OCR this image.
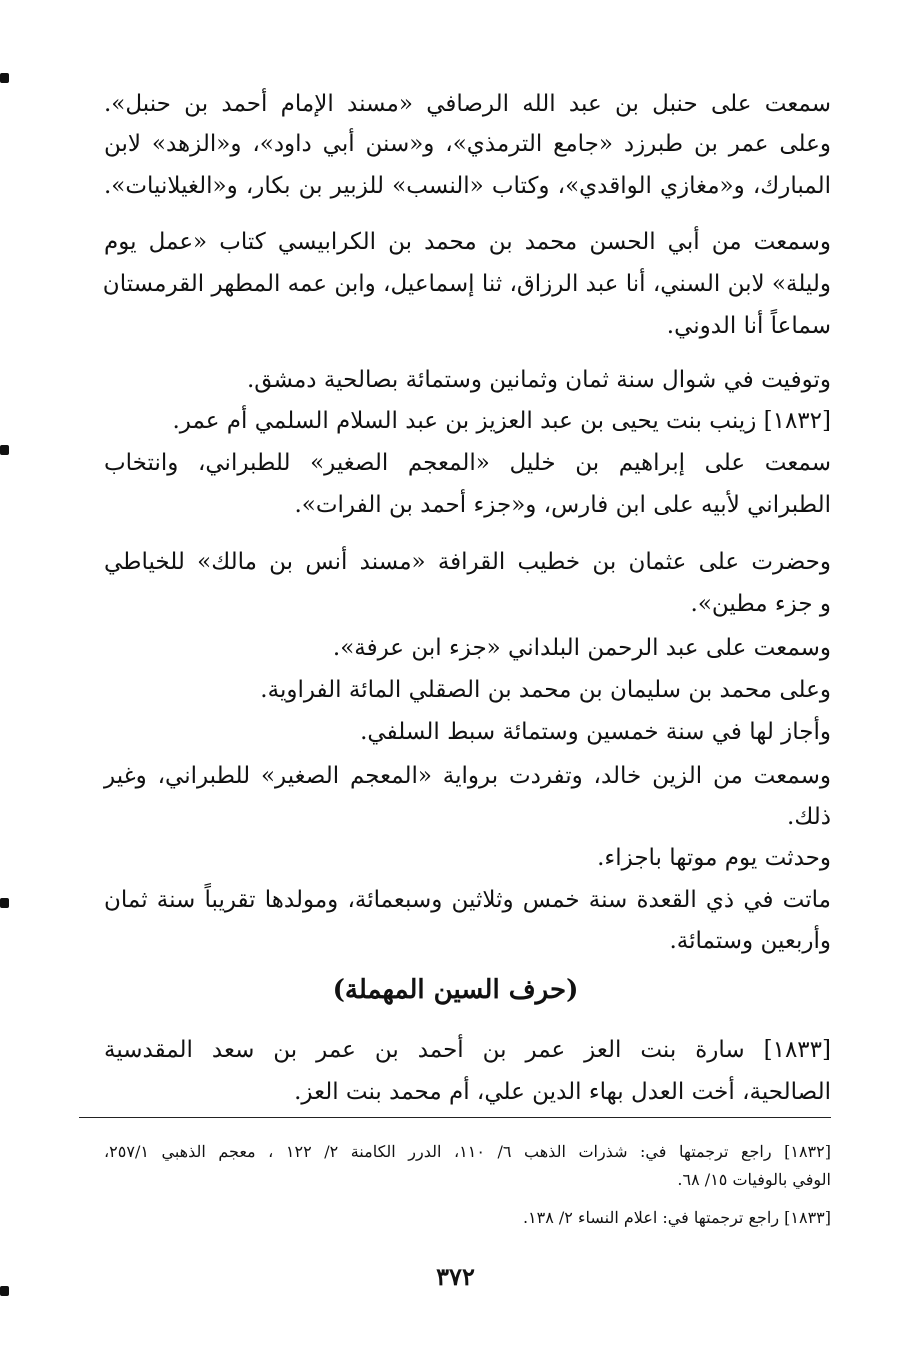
سمعت على حنبل بن عبد الله الرصافي «مسند الإمام أحمد بن حنبل».
وعلى عمر بن طبرزد «جامع الترمذي»، و«سنن أبي داود»، و«الزهد» لابن
المبارك، و«مغازي الواقدي»، وكتاب «النسب» للزبير بن بكار، و«الغيلانيات».
وسمعت من أبي الحسن محمد بن محمد بن الكرابيسي كتاب «عمل يوم
وليلة» لابن السني، أنا عبد الرزاق، ثنا إسماعيل، وابن عمه المطهر القرمستان
سماعاً أنا الدوني.
وتوفيت في شوال سنة ثمان وثمانين وستمائة بصالحية دمشق.
[١٨٣٢] زينب بنت يحيى بن عبد العزيز بن عبد السلام السلمي أم عمر.
سمعت على إبراهيم بن خليل «المعجم الصغير» للطبراني، وانتخاب
الطبراني لأبيه على ابن فارس، و«جزء أحمد بن الفرات».
وحضرت على عثمان بن خطيب القرافة «مسند أنس بن مالك» للخياطي
و جزء مطين».
وسمعت على عبد الرحمن البلداني «جزء ابن عرفة».
وعلى محمد بن سليمان بن محمد بن الصقلي المائة الفراوية.
وأجاز لها في سنة خمسين وستمائة سبط السلفي.
وسمعت من الزين خالد، وتفردت برواية «المعجم الصغير» للطبراني، وغير
ذلك.
وحدثت يوم موتها باجزاء.
ماتت في ذي القعدة سنة خمس وثلاثين وسبعمائة، ومولدها تقريباً سنة ثمان
وأربعين وستمائة.
(حرف السين المهملة)
[١٨٣٣] سارة بنت العز عمر بن أحمد بن عمر بن سعد المقدسية
الصالحية، أخت العدل بهاء الدين علي، أم محمد بنت العز.
[١٨٣٢] راجع ترجمتها في: شذرات الذهب ٦/ ١١٠، الدرر الكامنة ٢/ ١٢٢ ، معجم الذهبي ٢٥٧/١،
الوفي بالوفيات ١٥/ ٦٨.
[١٨٣٣] راجع ترجمتها في: اعلام النساء ٢/ ١٣٨.
٣٧٢
